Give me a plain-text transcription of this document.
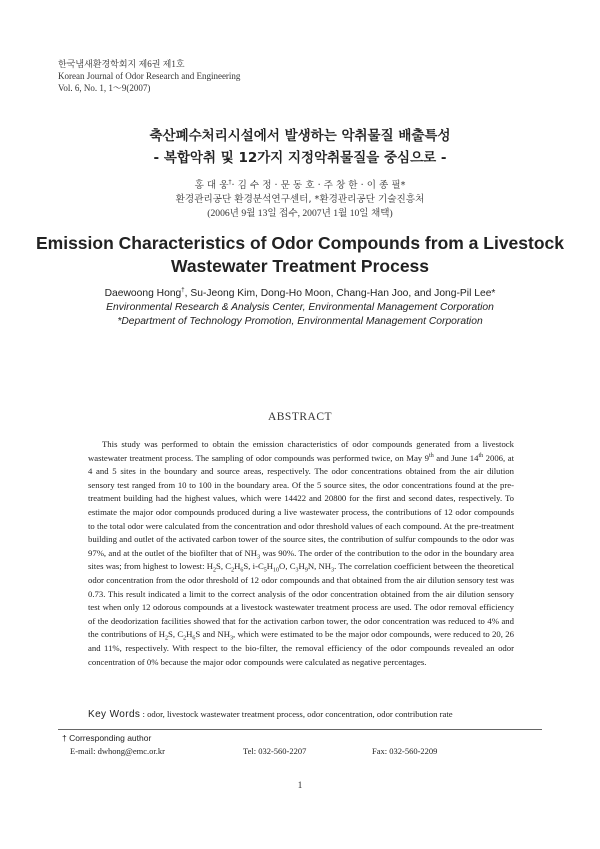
한국냄새환경학회지 제6권 제1호
Korean Journal of Odor Research and Engineering
Vol. 6, No. 1, 1～9(2007)
축산폐수처리시설에서 발생하는 악취물질 배출특성
- 복합악취 및 12가지 지정악취물질을 중심으로 -
홍 대 웅†· 김 수 정 · 문 동 호 · 주 창 한 · 이 종 필*
환경관리공단 환경분석연구센터, *환경관리공단 기술진흥처
(2006년 9월 13일 접수, 2007년 1월 10일 채택)
Emission Characteristics of Odor Compounds from a Livestock
Wastewater Treatment Process
Daewoong Hong†, Su-Jeong Kim, Dong-Ho Moon, Chang-Han Joo, and Jong-Pil Lee*
Environmental Research & Analysis Center, Environmental Management Corporation
*Department of Technology Promotion, Environmental Management Corporation
ABSTRACT

This study was performed to obtain the emission characteristics of odor compounds generated from a livestock wastewater treatment process. The sampling of odor compounds was performed twice, on May 9th and June 14th 2006, at 4 and 5 sites in the boundary and source areas, respectively. The odor concentrations obtained from the air dilution sensory test ranged from 10 to 100 in the boundary area. Of the 5 source sites, the odor concentrations found at the pre-treatment building had the highest values, which were 14422 and 20800 for the first and second dates, respectively. To estimate the major odor compounds produced during a live wastewater process, the contributions of 12 odor compounds to the total odor were calculated from the concentration and odor threshold values of each compound. At the pre-treatment building and outlet of the activated carbon tower of the source sites, the contribution of sulfur compounds to the odor was 97%, and at the outlet of the biofilter that of $NH_3$ was 90%. The order of the contribution to the odor in the boundary area sites was; from highest to lowest: $H_2S$, $C_2H_6S$, $i-C_5H_{10}O$, $C_3H_9N$, $NH_3$. The correlation coefficient between the theoretical odor concentration from the odor threshold of 12 odor compounds and that obtained from the air dilution sensory test was 0.73. This result indicated a limit to the correct analysis of the odor concentration obtained from the air dilution sensory test when only 12 odorous compounds at a livestock wastewater treatment process are used. The odor removal efficiency of the deodorization facilities showed that for the activation carbon tower, the odor concentration was reduced to 4% and the contributions of $H_2S$, $C_2H_6S$ and $NH_3$, which were estimated to be the major odor compounds, were reduced to 20, 26 and 11%, respectively. With respect to the bio-filter, the removal efficiency of the odor compounds revealed an odor concentration of 0% because the major odor compounds were calculated as negative percentages.

Key Words : odor, livestock wastewater treatment process, odor concentration, odor contribution rate
† Corresponding author
E-mail: dwhong@emc.or.kr	Tel: 032-560-2207	Fax: 032-560-2209
1
